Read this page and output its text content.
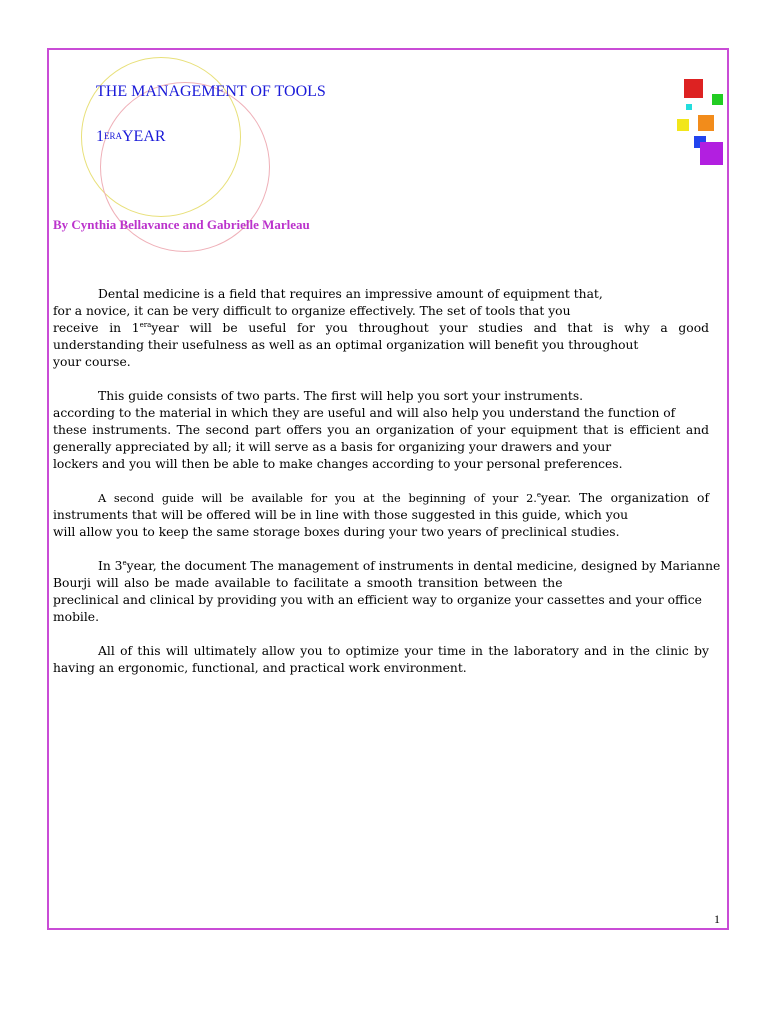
THE MANAGEMENT OF TOOLS
$1^{ERA}YEAR$
By Cynthia Bellavance and Gabrielle Marleau
Dental medicine is a field that requires an impressive amount of equipment that,
for a novice, it can be very difficult to organize effectively. The set of tools that you
receive in $1^{era}year$ will be useful for you throughout your studies and that is why a good
understanding their usefulness as well as an optimal organization will benefit you throughout
your course.
This guide consists of two parts. The first will help you sort your instruments.
according to the material in which they are useful and will also help you understand the function of
these instruments. The second part offers you an organization of your equipment that is efficient and
generally appreciated by all; it will serve as a basis for organizing your drawers and your
lockers and you will then be able to make changes according to your personal preferences.
A second guide will be available for you at the beginning of your 2.$^e$year. The organization of
instruments that will be offered will be in line with those suggested in this guide, which you
will allow you to keep the same storage boxes during your two years of preclinical studies.
In 3eyear, the document The management of instruments in dental medicine, designed by Marianne
Bourji will also be made available to facilitate a smooth transition between the
preclinical and clinical by providing you with an efficient way to organize your cassettes and your office
mobile.
All of this will ultimately allow you to optimize your time in the laboratory and in the clinic by
having an ergonomic, functional, and practical work environment.
1
